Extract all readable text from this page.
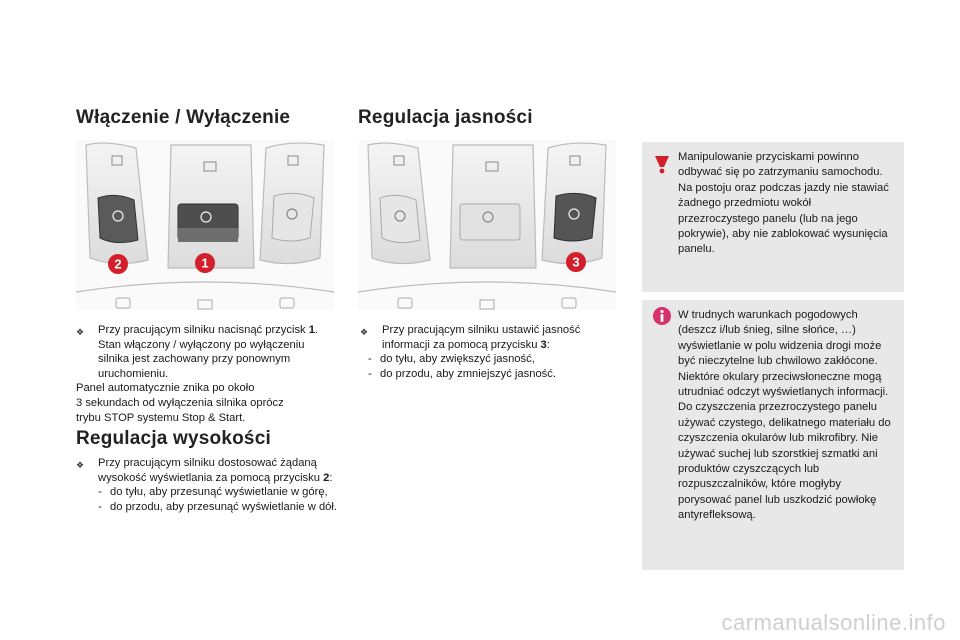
Włączenie / Wyłączenie
2	1
❖	Przy pracującym silniku nacisnąć przycisk 1. Stan włączony / wyłączony po wyłączeniu silnika jest zachowany przy ponownym uruchomieniu.
Panel automatycznie znika po około
3 sekundach od wyłączenia silnika oprócz
trybu STOP systemu Stop & Start.
Regulacja wysokości
❖	Przy pracującym silniku dostosować żądaną wysokość wyświetlania za pomocą przycisku 2:
- do tyłu, aby przesunąć wyświetlanie w górę,
- do przodu, aby przesunąć wyświetlanie w dół.
Regulacja jasności
3
❖	Przy pracującym silniku ustawić jasność informacji za pomocą przycisku 3:
- do tyłu, aby zwiększyć jasność,
- do przodu, aby zmniejszyć jasność.

Manipulowanie przyciskami powinno odbywać się po zatrzymaniu samochodu.

Na postoju oraz podczas jazdy nie stawiać żadnego przedmiotu wokół przezroczystego panelu (lub na jego pokrywie), aby nie zablokować wysunięcia panelu.

W trudnych warunkach pogodowych (deszcz i/lub śnieg, silne słońce, …) wyświetlanie w polu widzenia drogi może być nieczytelne lub chwilowo zakłócone.

Niektóre okulary przeciwsłoneczne mogą utrudniać odczyt wyświetlanych informacji.

Do czyszczenia przezroczystego panelu używać czystego, delikatnego materiału do czyszczenia okularów lub mikrofibry. Nie używać suchej lub szorstkiej szmatki ani produktów czyszczących lub rozpuszczalników, które mogłyby porysować panel lub uszkodzić powłokę antyrefleksową.

carmanualsonline.info
